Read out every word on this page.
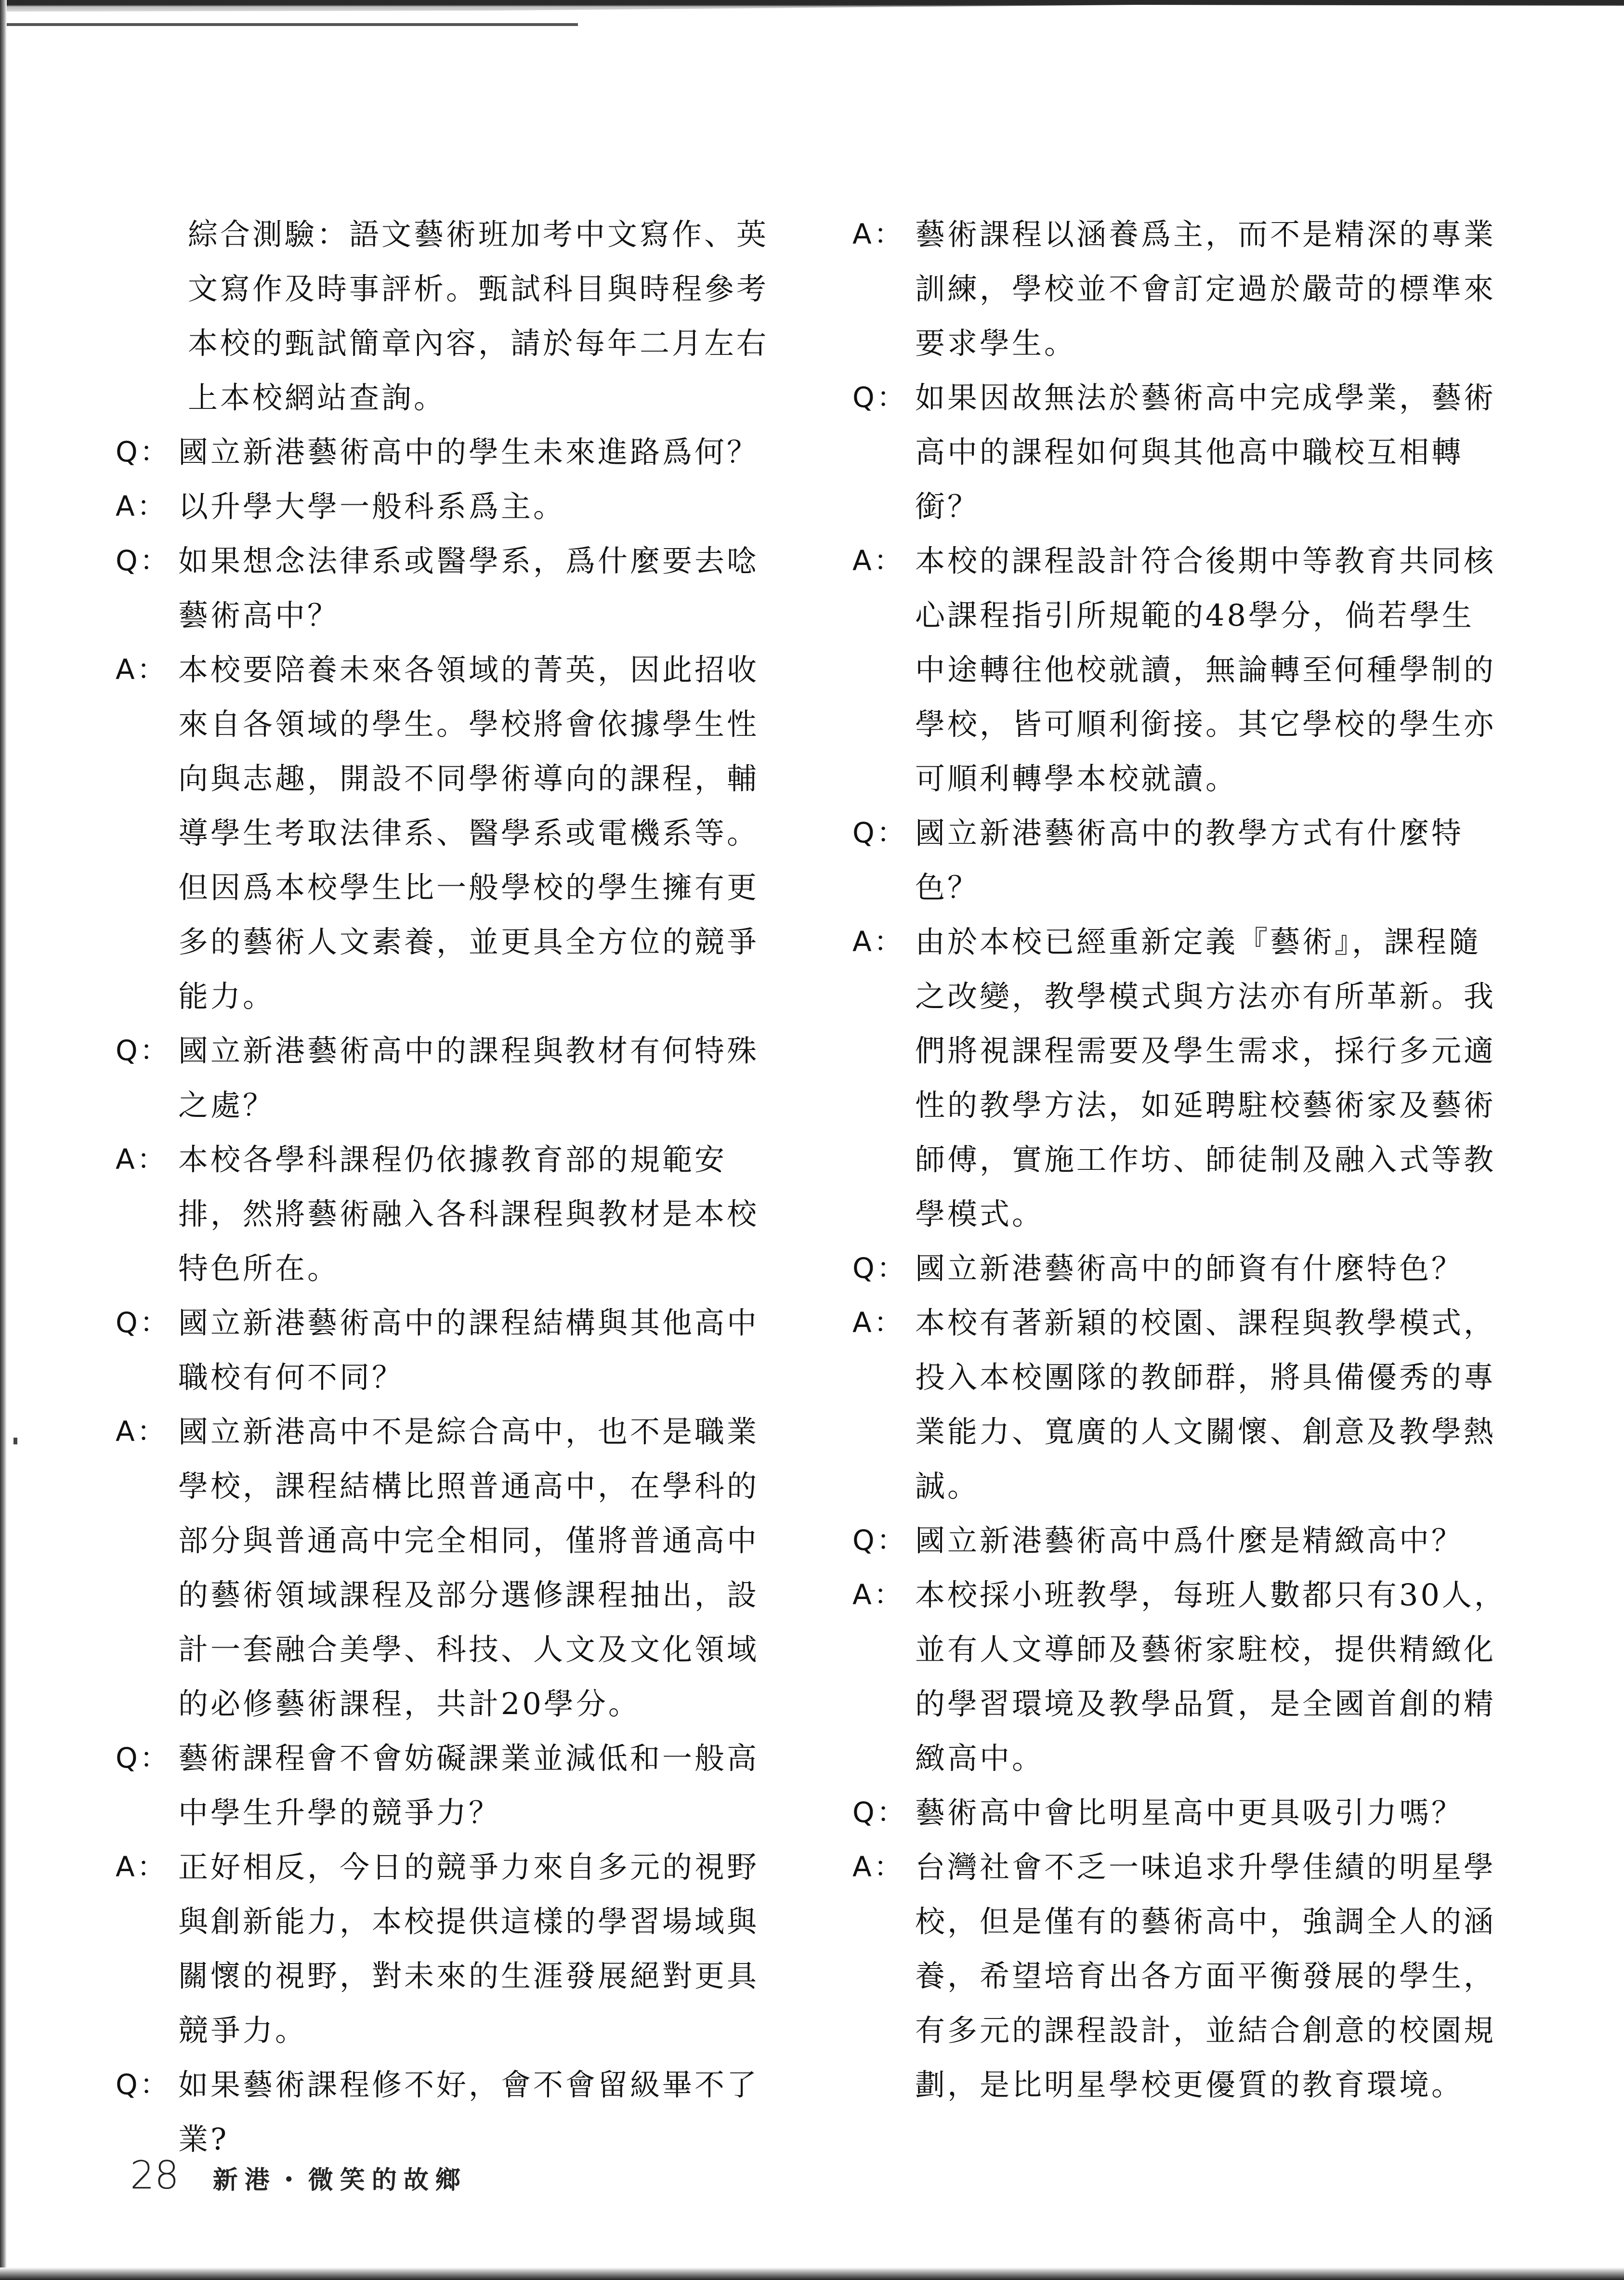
綜合測驗：語文藝術班加考中文寫作、英
文寫作及時事評析。甄試科目與時程參考
本校的甄試簡章內容，請於每年二月左右
上本校網站查詢。
Q： 國立新港藝術高中的學生未來進路爲何？
A： 以升學大學一般科系爲主。
Q： 如果想念法律系或醫學系，爲什麼要去唸
藝術高中？
A： 本校要陪養未來各領域的菁英，因此招收
來自各領域的學生。學校將會依據學生性
向與志趣，開設不同學術導向的課程，輔
導學生考取法律系、醫學系或電機系等。
但因爲本校學生比一般學校的學生擁有更
多的藝術人文素養，並更具全方位的競爭
能力。
Q： 國立新港藝術高中的課程與教材有何特殊
之處？
A： 本校各學科課程仍依據教育部的規範安
排，然將藝術融入各科課程與教材是本校
特色所在。
Q： 國立新港藝術高中的課程結構與其他高中
職校有何不同？
A： 國立新港高中不是綜合高中，也不是職業
學校，課程結構比照普通高中，在學科的
部分與普通高中完全相同，僅將普通高中
的藝術領域課程及部分選修課程抽出，設
計一套融合美學、科技、人文及文化領域
的必修藝術課程，共計20學分。
Q： 藝術課程會不會妨礙課業並減低和一般高
中學生升學的競爭力？
A： 正好相反，今日的競爭力來自多元的視野
與創新能力，本校提供這樣的學習場域與
關懷的視野，對未來的生涯發展絕對更具
競爭力。
Q： 如果藝術課程修不好，會不會留級畢不了
業?
A： 藝術課程以涵養爲主，而不是精深的專業
訓練，學校並不會訂定過於嚴苛的標準來
要求學生。
Q： 如果因故無法於藝術高中完成學業，藝術
高中的課程如何與其他高中職校互相轉
銜？
A： 本校的課程設計符合後期中等教育共同核
心課程指引所規範的48學分，倘若學生
中途轉往他校就讀，無論轉至何種學制的
學校，皆可順利銜接。其它學校的學生亦
可順利轉學本校就讀。
Q： 國立新港藝術高中的教學方式有什麼特
色？
A： 由於本校已經重新定義『藝術』，課程隨
之改變，教學模式與方法亦有所革新。我
們將視課程需要及學生需求，採行多元適
性的教學方法，如延聘駐校藝術家及藝術
師傅，實施工作坊、師徒制及融入式等教
學模式。
Q： 國立新港藝術高中的師資有什麼特色？
A： 本校有著新穎的校園、課程與教學模式，
投入本校團隊的教師群，將具備優秀的專
業能力、寬廣的人文關懷、創意及教學熱
誠。
Q： 國立新港藝術高中爲什麼是精緻高中？
A： 本校採小班教學，每班人數都只有30人，
並有人文導師及藝術家駐校，提供精緻化
的學習環境及教學品質，是全國首創的精
緻高中。
Q： 藝術高中會比明星高中更具吸引力嗎？
A： 台灣社會不乏一味追求升學佳績的明星學
校，但是僅有的藝術高中，強調全人的涵
養，希望培育出各方面平衡發展的學生，
有多元的課程設計，並結合創意的校園規
劃，是比明星學校更優質的教育環境。
28 新港・微笑的故鄉
